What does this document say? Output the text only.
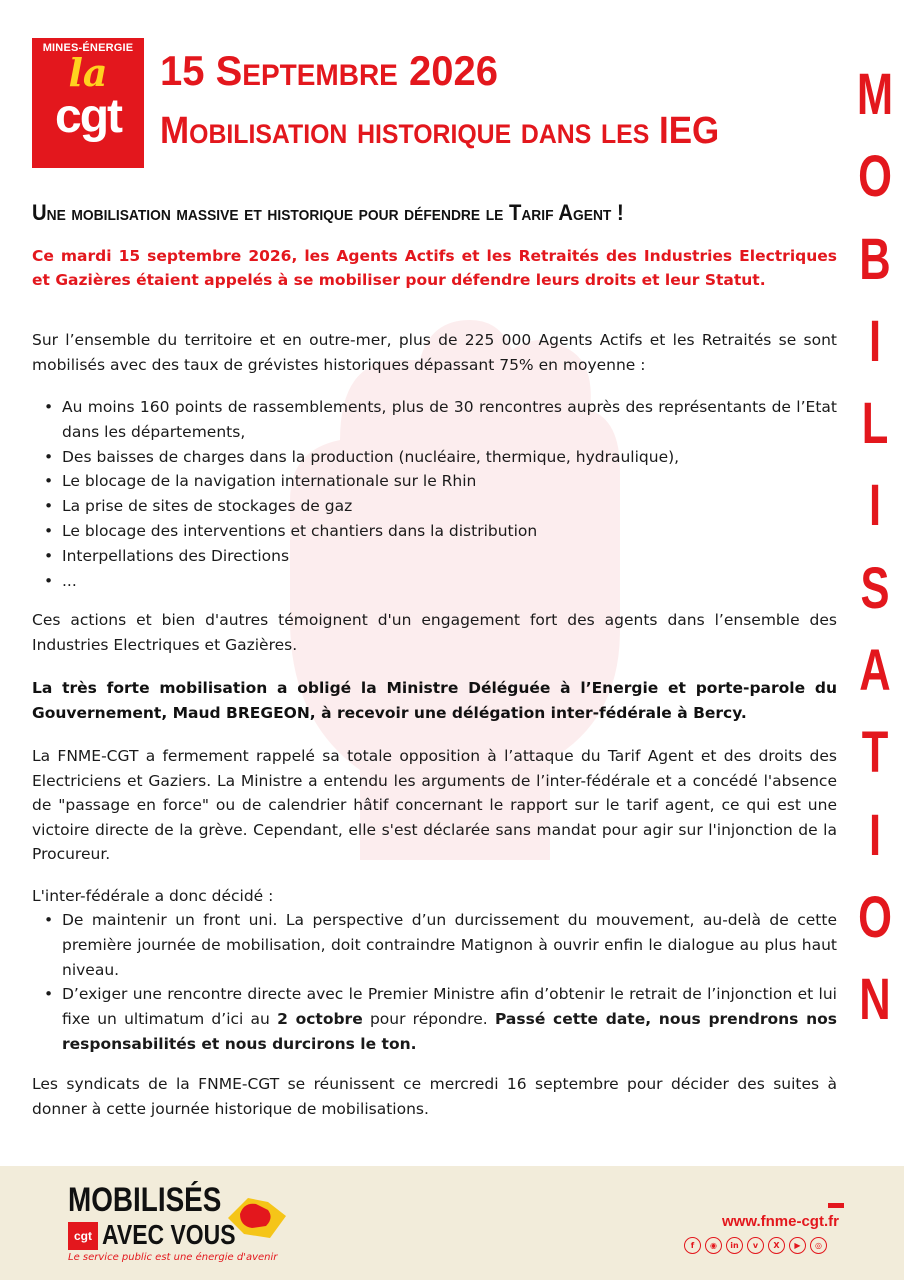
MINES-ÉNERGIE
la
cgt
15 Septembre 2026
Mobilisation historique dans les IEG
M
O
B
I
L
I
S
A
T
I
O
N
Une mobilisation massive et historique pour défendre le Tarif Agent !
Ce mardi 15 septembre 2026, les Agents Actifs et les Retraités des Industries Electriques et Gazières étaient appelés à se mobiliser pour défendre leurs droits et leur Statut.
Sur l’ensemble du territoire et en outre-mer, plus de 225 000 Agents Actifs et les Retraités se sont mobilisés avec des taux de grévistes historiques dépassant 75% en moyenne :
• Au moins 160 points de rassemblements, plus de 30 rencontres auprès des représentants de l’Etat dans les départements,
• Des baisses de charges dans la production (nucléaire, thermique, hydraulique),
• Le blocage de la navigation internationale sur le Rhin
• La prise de sites de stockages de gaz
• Le blocage des interventions et chantiers dans la distribution
• Interpellations des Directions
• ...
Ces actions et bien d'autres témoignent d'un engagement fort des agents dans l’ensemble des Industries Electriques et Gazières.
La très forte mobilisation a obligé la Ministre Déléguée à l’Energie et porte-parole du Gouvernement, Maud BREGEON, à recevoir une délégation inter-fédérale à Bercy.
La FNME-CGT a fermement rappelé sa totale opposition à l’attaque du Tarif Agent et des droits des Electriciens et Gaziers. La Ministre a entendu les arguments de l’inter-fédérale et a concédé l'absence de "passage en force" ou de calendrier hâtif concernant le rapport sur le tarif agent, ce qui est une victoire directe de la grève. Cependant, elle s'est déclarée sans mandat pour agir sur l'injonction de la Procureur.
L'inter-fédérale a donc décidé :
• De maintenir un front uni. La perspective d’un durcissement du mouvement, au-delà de cette première journée de mobilisation, doit contraindre Matignon à ouvrir enfin le dialogue au plus haut niveau.
• D’exiger une rencontre directe avec le Premier Ministre afin d’obtenir le retrait de l’injonction et lui fixe un ultimatum d’ici au 2 octobre pour répondre. Passé cette date, nous prendrons nos responsabilités et nous durcirons le ton.
Les syndicats de la FNME-CGT se réunissent ce mercredi 16 septembre pour décider des suites à donner à cette journée historique de mobilisations.
MOBILISÉS
cgt AVEC VOUS
Le service public est une énergie d'avenir
www.fnme-cgt.fr
f	◉	in	v	X	▶	◎
